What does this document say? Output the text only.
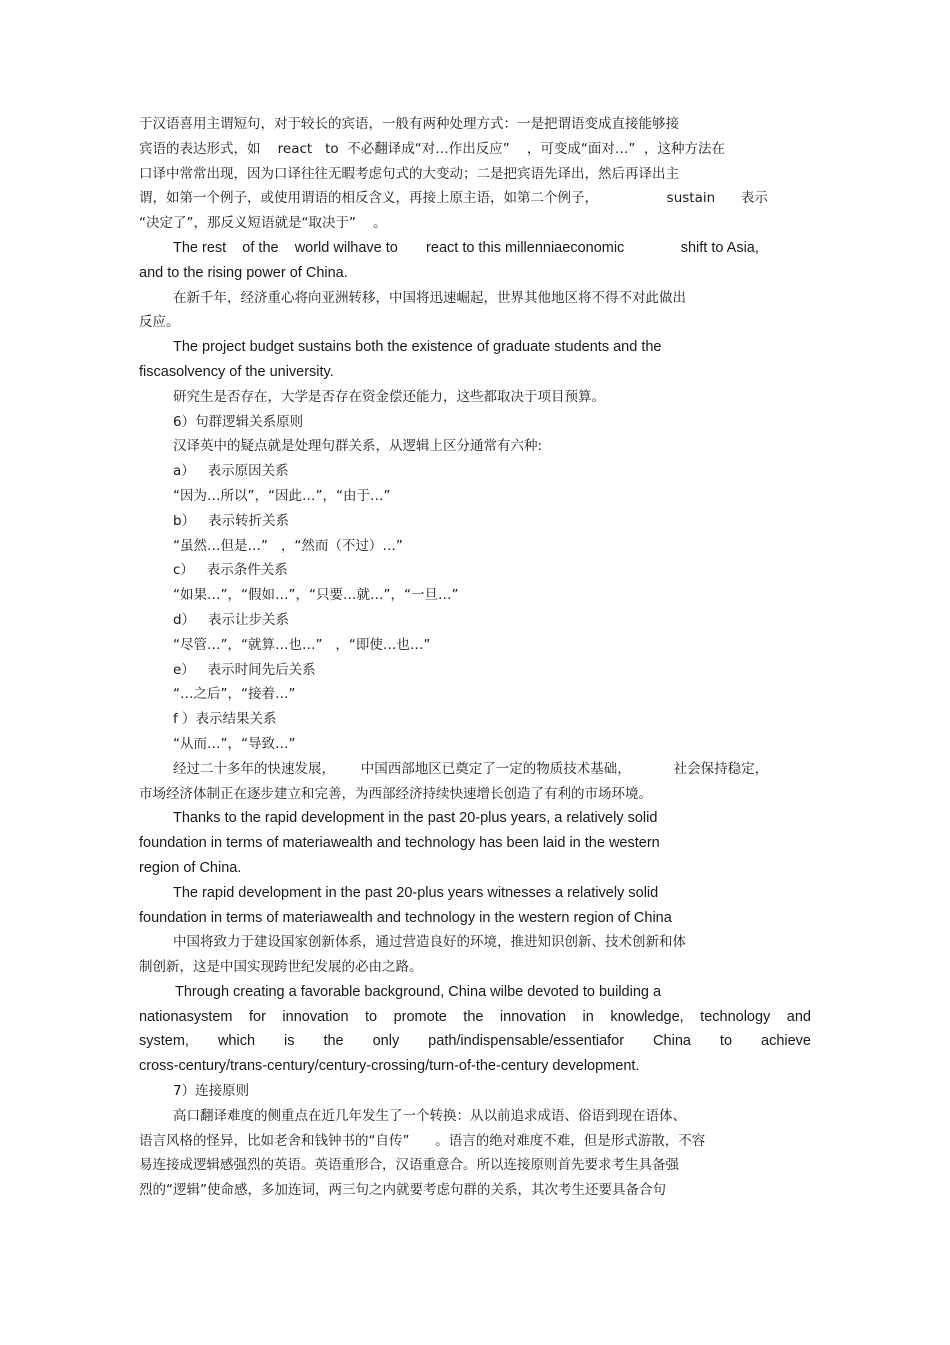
于汉语喜用主谓短句，对于较长的宾语，一般有两种处理方式：一是把谓语变成直接能够接
宾语的表达形式，如    react   to  不必翻译成“对…作出反应”    ，可变成“面对…”  ，这种方法在
口译中常常出现，因为口译往往无暇考虑句式的大变动；二是把宾语先译出，然后再译出主
谓，如第一个例子，或使用谓语的相反含义，再接上原主语，如第二个例子，                sustain      表示
“决定了”，那反义短语就是“取决于”    。
The rest    of the    world wilhave to       react to this millenniaeconomic              shift to Asia,
and to the rising power of China.
在新千年，经济重心将向亚洲转移，中国将迅速崛起，世界其他地区将不得不对此做出
反应。
The project budget sustains both the existence of graduate students and the
fiscasolvency of the university.
研究生是否存在，大学是否存在资金偿还能力，这些都取决于项目预算。
6）句群逻辑关系原则
汉译英中的疑点就是处理句群关系，从逻辑上区分通常有六种:
a）   表示原因关系
“因为…所以”，“因此…”，“由于…”
b）   表示转折关系
“虽然…但是…”   ，“然而（不过）…”
c）   表示条件关系
“如果…”，“假如…”，“只要…就…”，“一旦…”
d）   表示让步关系
“尽管…”，“就算…也…”   ，“即使…也…”
e）   表示时间先后关系
“…之后”，“接着…”
f ）表示结果关系
“从而…”，“导致…”
经过二十多年的快速发展，      中国西部地区已奠定了一定的物质技术基础，          社会保持稳定，
市场经济体制正在逐步建立和完善，为西部经济持续快速增长创造了有利的市场环境。
Thanks to the rapid development in the past 20-plus years, a relatively solid
foundation in terms of materiawealth and technology has been laid in the western
region of China.
The rapid development in the past 20-plus years witnesses a relatively solid
foundation in terms of materiawealth and technology in the western region of China
中国将致力于建设国家创新体系，通过营造良好的环境，推进知识创新、技术创新和体
制创新，这是中国实现跨世纪发展的必由之路。
Through creating a favorable background, China wilbe devoted to building a
nationasystem for innovation to promote the innovation in knowledge, technology and
system, which is the only path/indispensable/essentiafor China to achieve
cross-century/trans-century/century-crossing/turn-of-the-century development.
7）连接原则
高口翻译难度的侧重点在近几年发生了一个转换：从以前追求成语、俗语到现在语体、
语言风格的怪异，比如老舍和钱钟书的“自传”      。语言的绝对难度不难，但是形式游散，不容
易连接成逻辑感强烈的英语。英语重形合，汉语重意合。所以连接原则首先要求考生具备强
烈的“逻辑”使命感，多加连词，两三句之内就要考虑句群的关系，其次考生还要具备合句
